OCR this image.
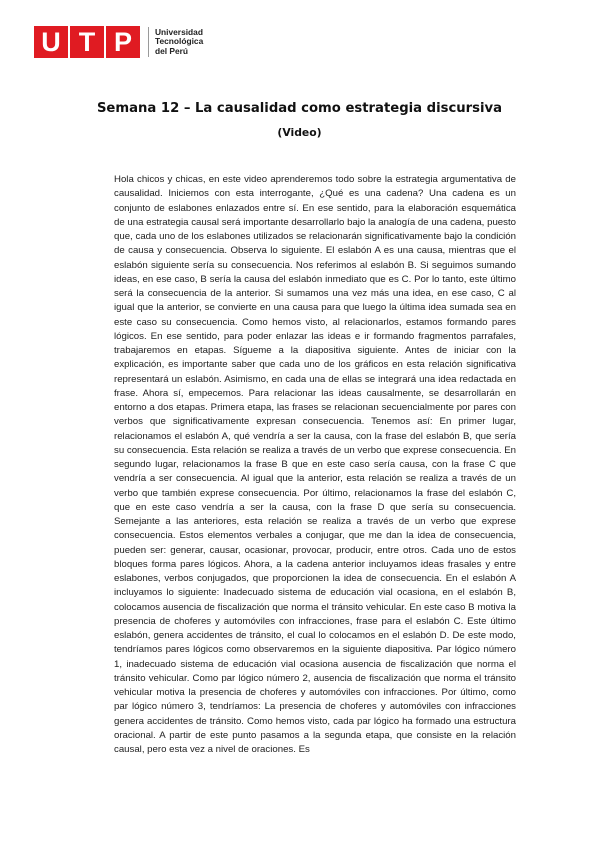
U T P	Universidad
Tecnológica
del Perú
Semana 12 – La causalidad como estrategia discursiva
(Video)

Hola chicos y chicas, en este video aprenderemos todo sobre la estrategia argumentativa de causalidad. Iniciemos con esta interrogante, ¿Qué es una cadena? Una cadena es un conjunto de eslabones enlazados entre sí. En ese sentido, para la elaboración esquemática de una estrategia causal será importante desarrollarlo bajo la analogía de una cadena, puesto que, cada uno de los eslabones utilizados se relacionarán significativamente bajo la condición de causa y consecuencia. Observa lo siguiente. El eslabón A es una causa, mientras que el eslabón siguiente sería su consecuencia. Nos referimos al eslabón B. Si seguimos sumando ideas, en ese caso, B sería la causa del eslabón inmediato que es C. Por lo tanto, este último será la consecuencia de la anterior. Si sumamos una vez más una idea, en ese caso, C al igual que la anterior, se convierte en una causa para que luego la última idea sumada sea en este caso su consecuencia. Como hemos visto, al relacionarlos, estamos formando pares lógicos. En ese sentido, para poder enlazar las ideas e ir formando fragmentos parrafales, trabajaremos en etapas. Sígueme a la diapositiva siguiente. Antes de iniciar con la explicación, es importante saber que cada uno de los gráficos en esta relación significativa representará un eslabón. Asimismo, en cada una de ellas se integrará una idea redactada en frase. Ahora sí, empecemos. Para relacionar las ideas causalmente, se desarrollarán en entorno a dos etapas. Primera etapa, las frases se relacionan secuencialmente por pares con verbos que significativamente expresan consecuencia. Tenemos así: En primer lugar, relacionamos el eslabón A, qué vendría a ser la causa, con la frase del eslabón B, que sería su consecuencia. Esta relación se realiza a través de un verbo que exprese consecuencia. En segundo lugar, relacionamos la frase B que en este caso sería causa, con la frase C que vendría a ser consecuencia. Al igual que la anterior, esta relación se realiza a través de un verbo que también exprese consecuencia. Por último, relacionamos la frase del eslabón C, que en este caso vendría a ser la causa, con la frase D que sería su consecuencia. Semejante a las anteriores, esta relación se realiza a través de un verbo que exprese consecuencia. Estos elementos verbales a conjugar, que me dan la idea de consecuencia, pueden ser: generar, causar, ocasionar, provocar, producir, entre otros. Cada uno de estos bloques forma pares lógicos. Ahora, a la cadena anterior incluyamos ideas frasales y entre eslabones, verbos conjugados, que proporcionen la idea de consecuencia. En el eslabón A incluyamos lo siguiente: Inadecuado sistema de educación vial ocasiona, en el eslabón B, colocamos ausencia de fiscalización que norma el tránsito vehicular. En este caso B motiva la presencia de choferes y automóviles con infracciones, frase para el eslabón C. Este último eslabón, genera accidentes de tránsito, el cual lo colocamos en el eslabón D. De este modo, tendríamos pares lógicos como observaremos en la siguiente diapositiva. Par lógico número 1, inadecuado sistema de educación vial ocasiona ausencia de fiscalización que norma el tránsito vehicular. Como par lógico número 2, ausencia de fiscalización que norma el tránsito vehicular motiva la presencia de choferes y automóviles con infracciones. Por último, como par lógico número 3, tendríamos: La presencia de choferes y automóviles con infracciones genera accidentes de tránsito. Como hemos visto, cada par lógico ha formado una estructura oracional. A partir de este punto pasamos a la segunda etapa, que consiste en la relación causal, pero esta vez a nivel de oraciones. Es
